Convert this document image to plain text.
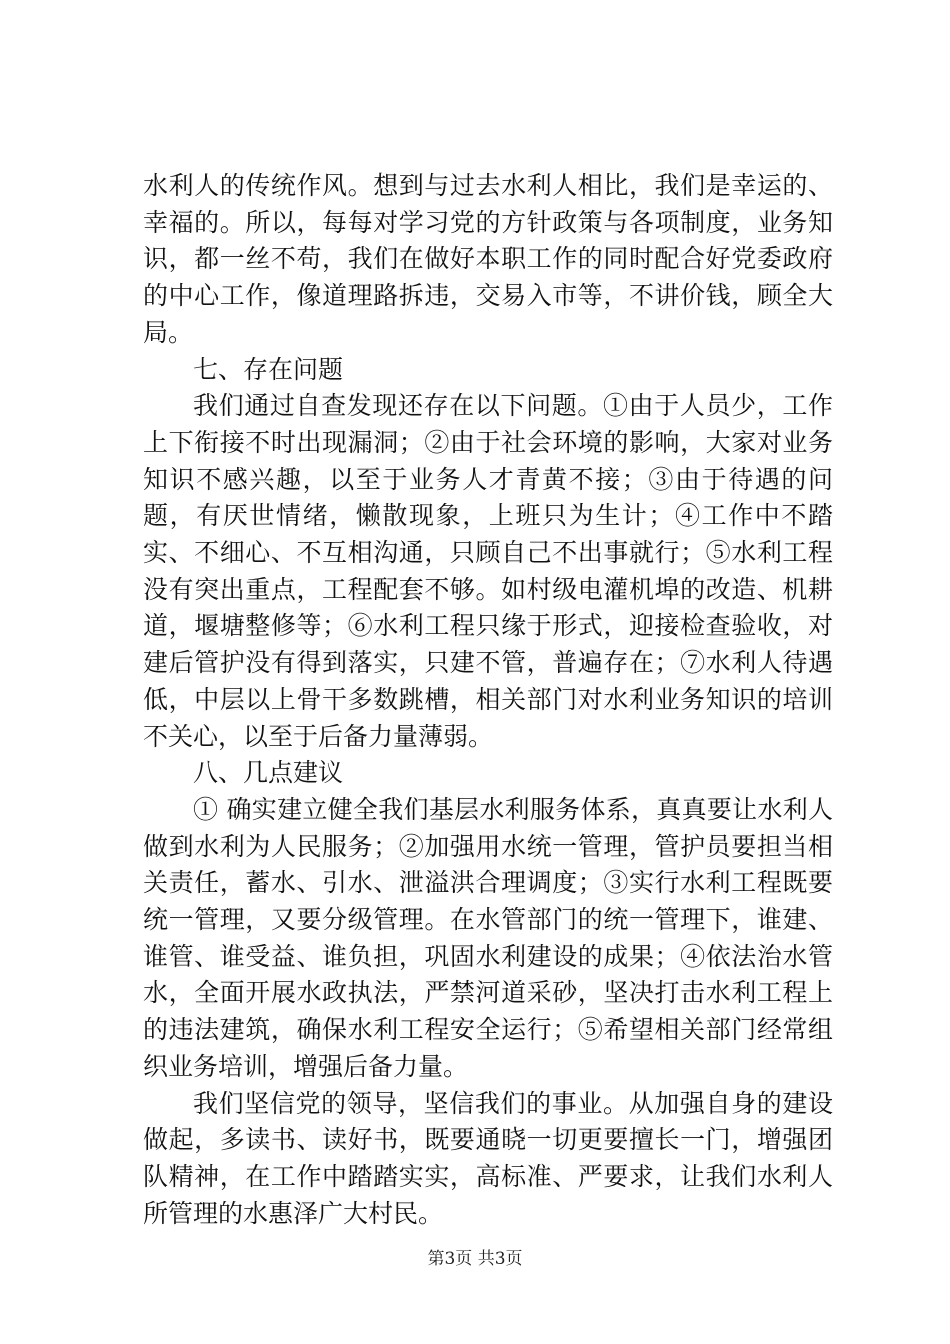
水利人的传统作风。想到与过去水利人相比，我们是幸运的、幸福的。所以，每每对学习党的方针政策与各项制度，业务知识，都一丝不苟，我们在做好本职工作的同时配合好党委政府的中心工作，像道理路拆违，交易入市等，不讲价钱，顾全大局。

七、存在问题

我们通过自查发现还存在以下问题。①由于人员少，工作上下衔接不时出现漏洞；②由于社会环境的影响，大家对业务知识不感兴趣，以至于业务人才青黄不接；③由于待遇的问题，有厌世情绪，懒散现象，上班只为生计；④工作中不踏实、不细心、不互相沟通，只顾自己不出事就行；⑤水利工程没有突出重点，工程配套不够。如村级电灌机埠的改造、机耕道，堰塘整修等；⑥水利工程只缘于形式，迎接检查验收，对建后管护没有得到落实，只建不管，普遍存在；⑦水利人待遇低，中层以上骨干多数跳槽，相关部门对水利业务知识的培训不关心，以至于后备力量薄弱。

八、几点建议

① 确实建立健全我们基层水利服务体系，真真要让水利人做到水利为人民服务；②加强用水统一管理，管护员要担当相关责任，蓄水、引水、泄溢洪合理调度；③实行水利工程既要统一管理，又要分级管理。在水管部门的统一管理下，谁建、谁管、谁受益、谁负担，巩固水利建设的成果；④依法治水管水，全面开展水政执法，严禁河道采砂，坚决打击水利工程上的违法建筑，确保水利工程安全运行；⑤希望相关部门经常组织业务培训，增强后备力量。

我们坚信党的领导，坚信我们的事业。从加强自身的建设做起，多读书、读好书，既要通晓一切更要擅长一门，增强团队精神，在工作中踏踏实实，高标准、严要求，让我们水利人所管理的水惠泽广大村民。

第3页 共3页
